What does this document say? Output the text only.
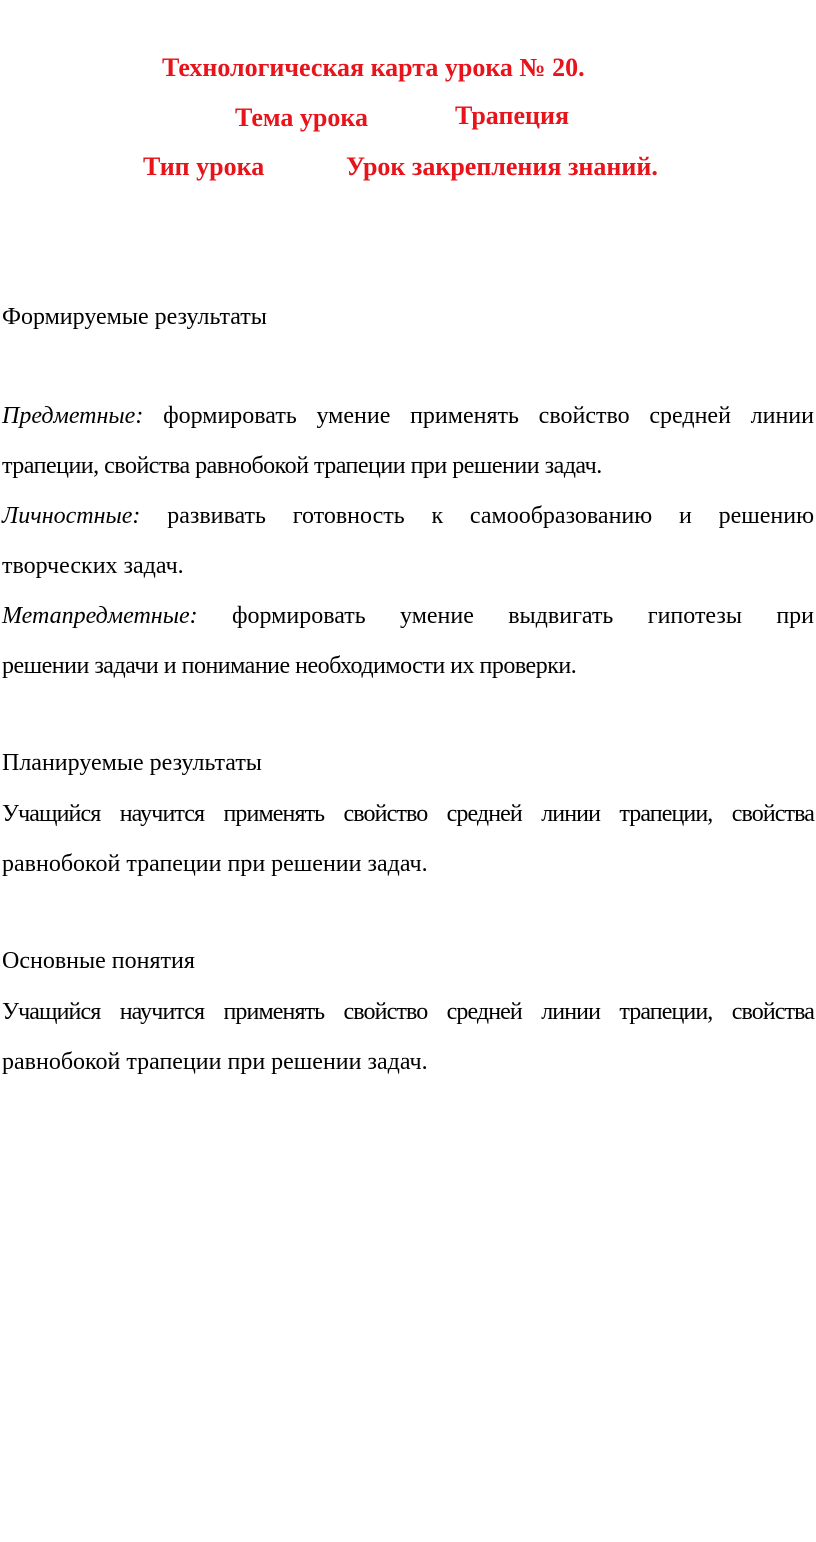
Технологическая карта урока № 20.
Тема урока	Трапеция
Тип урока	Урок закрепления знаний.
Формируемые результаты
Предметные: формировать умение применять свойство средней линии
трапеции, свойства равнобокой трапеции при решении задач.
Личностные: развивать готовность к самообразованию и решению
творческих задач.
Метапредметные: формировать умение выдвигать гипотезы при
решении задачи и понимание необходимости их проверки.
Планируемые результаты
Учащийся научится применять свойство средней линии трапеции, свойства
равнобокой трапеции при решении задач.
Основные понятия
Учащийся научится применять свойство средней линии трапеции, свойства
равнобокой трапеции при решении задач.
